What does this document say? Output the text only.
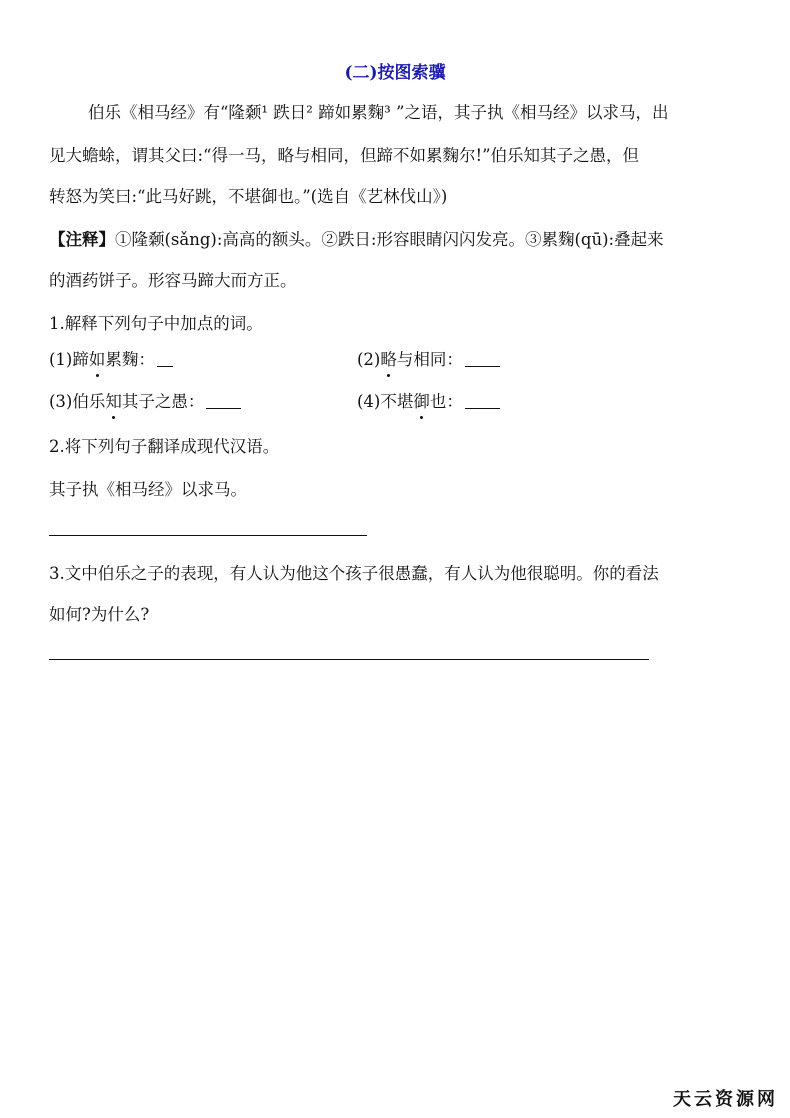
(二)按图索骥
伯乐《相马经》有“隆颡¹ 跌日² 蹄如累麴³ ”之语，其子执《相马经》以求马，出
见大蟾蜍，谓其父曰:“得一马，略与相同，但蹄不如累麴尔!”伯乐知其子之愚，但
转怒为笑曰:“此马好跳，不堪御也。”(选自《艺林伐山》)
【注释】①隆颡(sǎng):高高的额头。②跌日:形容眼睛闪闪发亮。③累麴(qū):叠起来
的酒药饼子。形容马蹄大而方正。
1.解释下列句子中加点的词。
(1)蹄如累麴：	(2)略与相同：
(3)伯乐知其子之愚：	(4)不堪御也：
2.将下列句子翻译成现代汉语。
其子执《相马经》以求马。
3.文中伯乐之子的表现，有人认为他这个孩子很愚蠢，有人认为他很聪明。你的看法
如何?为什么?
天云资源网
